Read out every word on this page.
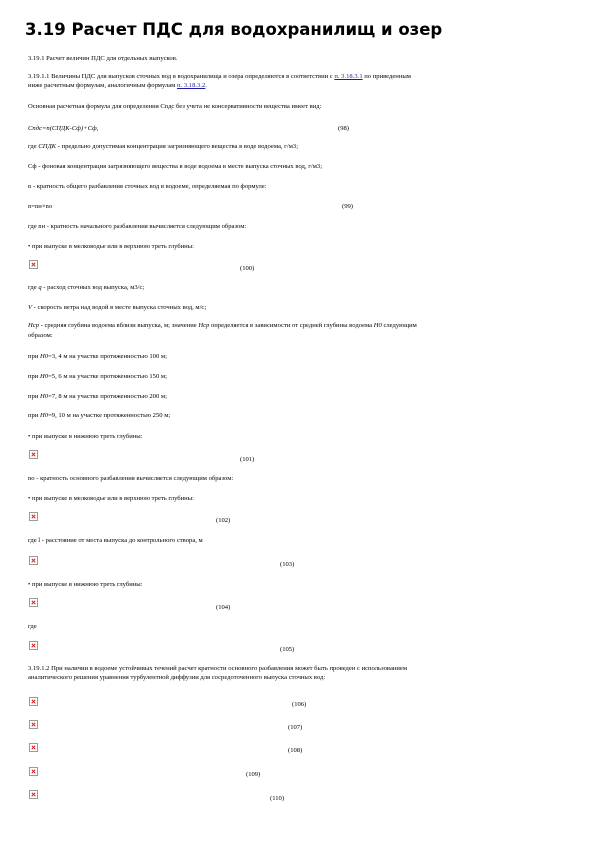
3.19 Расчет ПДС для водохранилищ и озер
3.19.1 Расчет величин ПДС для отдельных выпусков.
3.19.1.1 Величины ПДС для выпусков сточных вод в водохранилища и озера определяются в соответствии с п. 3.18.3.1 по приведенным
ниже расчетным формулам, аналогичным формулам п. 3.18.3.2.
Основная расчетная формула для определения Сnдс без учета не консервативности вещества имеет вид:
Спдс=n(СПДК-Сф)+Сф,	(98)
где СПДК - предельно допустимая концентрация загрязняющего вещества в воде водоема, г/м3;
Сф - фоновая концентрация загрязняющего вещества в воде водоема в месте выпуска сточных вод, г/м3;
n - кратность общего разбавления сточных вод в водоеме, определяемая по формуле:
n=nн×nо	(99)
где nн - кратность начального разбавления вычисляется следующим образом:
• при выпуске в мелководье или в верхнюю треть глубины:
(100)
где q - расход сточных вод выпуска, м3/с;
V - скорость ветра над водой в месте выпуска сточных вод, м/с;
Нср - средняя глубина водоема вблизи выпуска, м; значение Нср определяется в зависимости от средней глубины водоема Н0 следующим
образом:
при Н0=3, 4 м на участке протяженностью 100 м;
при Н0=5, 6 м на участке протяженностью 150 м;
при Н0=7, 8 м на участке протяженностью 200 м;
при Н0=9, 10 м на участке протяженностью 250 м;
• при выпуске в нижнюю треть глубины:
(101)
nо - кратность основного разбавления вычисляется следующим образом:
• при выпуске в мелководье или в верхнюю треть глубины:
(102)
где l - расстояние от места выпуска до контрольного створа, м
(103)
• при выпуске в нижнюю треть глубины:
(104)
где
(105)
3.19.1.2 При наличии в водоеме устойчивых течений расчет кратности основного разбавления может быть проведен с использованием
аналитического решения уравнения турбулентной диффузии для сосредоточенного выпуска сточных вод:
(106)
(107)
(108)
(109)
(110)
